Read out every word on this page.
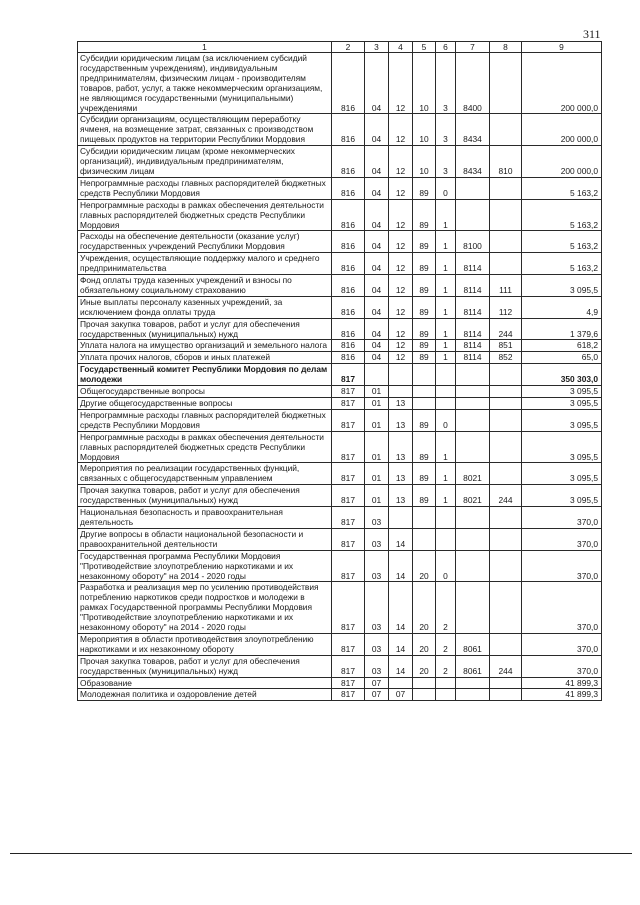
311
1	2	3	4	5	6	7	8	9
Субсидии юридическим лицам (за исключением субсидий государственным учреждениям), индивидуальным предпринимателям, физическим лицам - производителям товаров, работ, услуг, а также некоммерческим организациям, не являющимся государственными (муниципальными) учреждениями	816	04	12	10	3	8400		200 000,0
Субсидии организациям, осуществляющим переработку ячменя, на возмещение затрат, связанных с производством пищевых продуктов на территории Республики Мордовия	816	04	12	10	3	8434		200 000,0
Субсидии юридическим лицам (кроме некоммерческих организаций), индивидуальным предпринимателям, физическим лицам	816	04	12	10	3	8434	810	200 000,0
Непрограммные расходы главных распорядителей бюджетных средств Республики Мордовия	816	04	12	89	0			5 163,2
Непрограммные расходы в рамках обеспечения деятельности главных распорядителей бюджетных средств Республики Мордовия	816	04	12	89	1			5 163,2
Расходы на обеспечение деятельности (оказание услуг) государственных учреждений Республики Мордовия	816	04	12	89	1	8100		5 163,2
Учреждения, осуществляющие поддержку малого и среднего предпринимательства	816	04	12	89	1	8114		5 163,2
Фонд оплаты труда казенных учреждений и взносы по обязательному социальному страхованию	816	04	12	89	1	8114	111	3 095,5
Иные выплаты персоналу казенных учреждений, за исключением фонда оплаты труда	816	04	12	89	1	8114	112	4,9
Прочая закупка товаров, работ и услуг для обеспечения государственных (муниципальных) нужд	816	04	12	89	1	8114	244	1 379,6
Уплата налога на имущество организаций и земельного налога	816	04	12	89	1	8114	851	618,2
Уплата прочих налогов, сборов и иных платежей	816	04	12	89	1	8114	852	65,0
Государственный комитет Республики Мордовия по делам молодежи	817							350 303,0
Общегосударственные вопросы	817	01						3 095,5
Другие общегосударственные вопросы	817	01	13					3 095,5
Непрограммные расходы главных распорядителей бюджетных средств Республики Мордовия	817	01	13	89	0			3 095,5
Непрограммные расходы в рамках обеспечения деятельности главных распорядителей бюджетных средств Республики Мордовия	817	01	13	89	1			3 095,5
Мероприятия по реализации государственных функций, связанных с общегосударственным управлением	817	01	13	89	1	8021		3 095,5
Прочая закупка товаров, работ и услуг для обеспечения государственных (муниципальных) нужд	817	01	13	89	1	8021	244	3 095,5
Национальная безопасность и правоохранительная деятельность	817	03						370,0
Другие вопросы в области национальной безопасности и правоохранительной деятельности	817	03	14					370,0
Государственная программа Республики Мордовия "Противодействие злоупотреблению наркотиками и их незаконному обороту" на 2014 - 2020 годы	817	03	14	20	0			370,0
Разработка и реализация мер по усилению противодействия потреблению наркотиков среди подростков и молодежи в рамках Государственной программы Республики Мордовия "Противодействие злоупотреблению наркотиками и их незаконному обороту" на 2014 - 2020 годы	817	03	14	20	2			370,0
Мероприятия в области противодействия злоупотреблению наркотиками и их незаконному обороту	817	03	14	20	2	8061		370,0
Прочая закупка товаров, работ и услуг для обеспечения государственных (муниципальных) нужд	817	03	14	20	2	8061	244	370,0
Образование	817	07						41 899,3
Молодежная политика и оздоровление детей	817	07	07					41 899,3
